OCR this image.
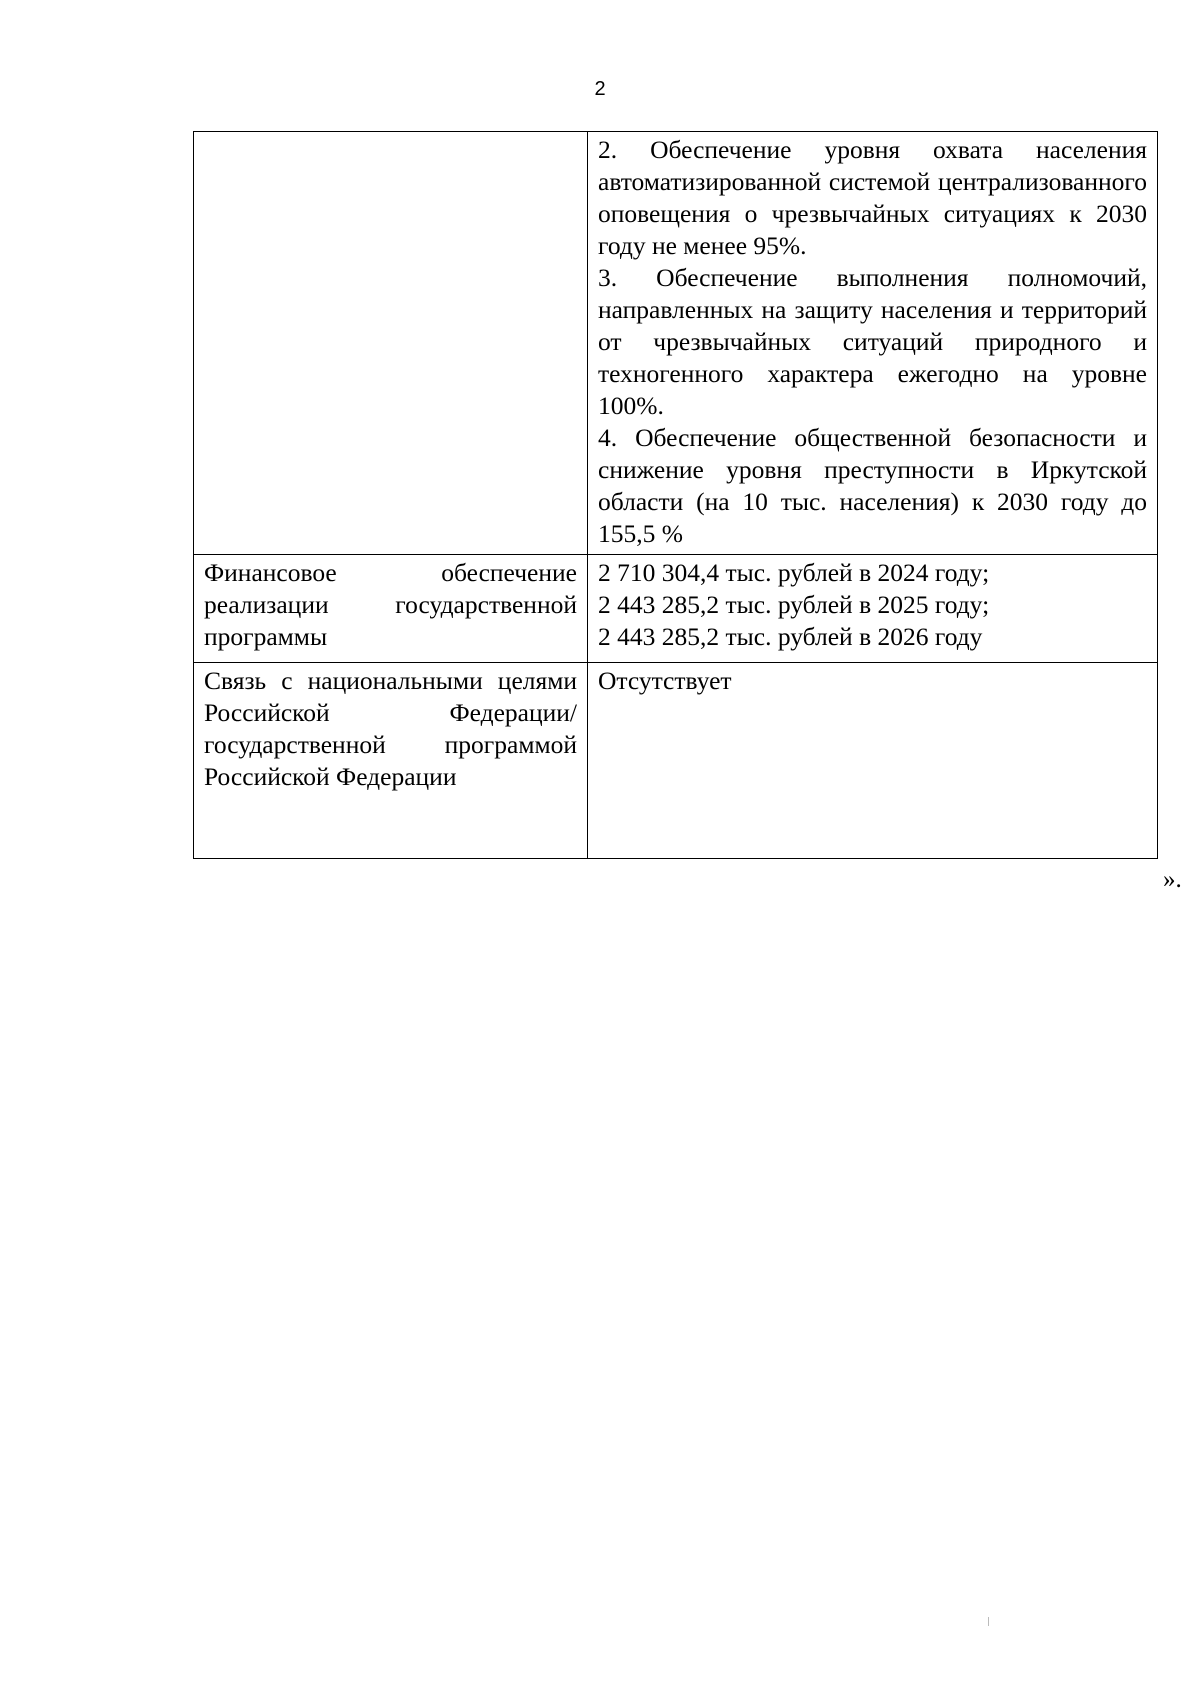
2

	2. Обеспечение уровня охвата населения автоматизированной системой централизованного оповещения о чрезвычайных ситуациях к 2030 году не менее 95%.
3. Обеспечение выполнения полномочий, направленных на защиту населения и территорий от чрезвычайных ситуаций природного и техногенного характера ежегодно на уровне 100%.
4. Обеспечение общественной безопасности и снижение уровня преступности в Иркутской области (на 10 тыс. населения) к 2030 году до 155,5 %

Финансовое обеспечение реализации государственной программы	2 710 304,4 тыс. рублей в 2024 году;
2 443 285,2 тыс. рублей в 2025 году;
2 443 285,2 тыс. рублей в 2026 году

Связь с национальными целями Российской Федерации/государственной программой Российской Федерации	Отсутствует
».
